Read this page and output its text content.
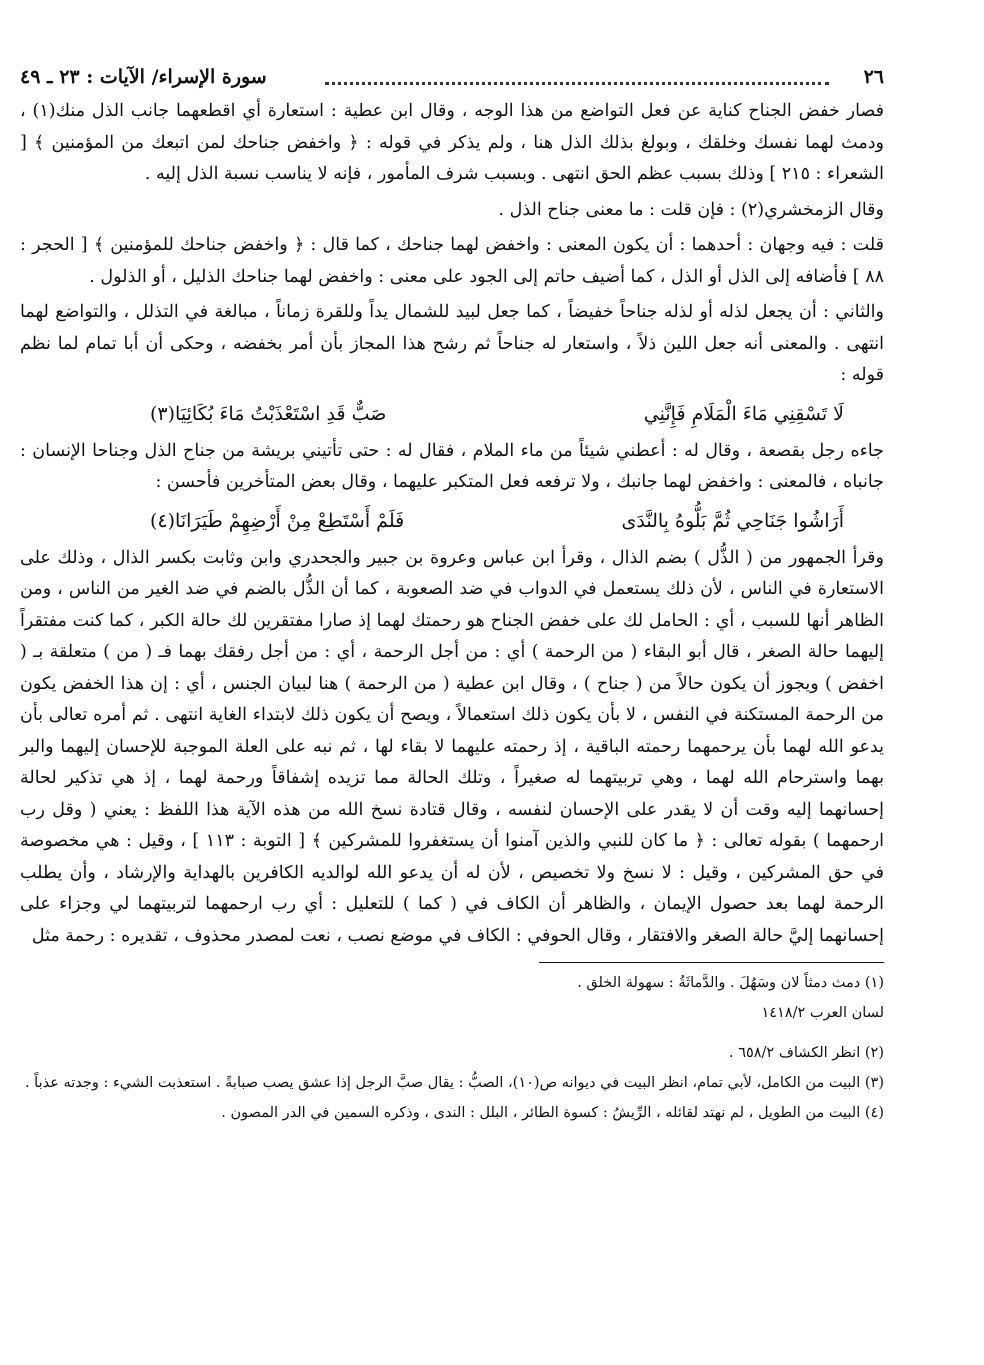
٢٦
سورة الإسراء/ الآيات : ٢٣ ـ ٤٩

فصار خفض الجناح كناية عن فعل التواضع من هذا الوجه ، وقال ابن عطية : استعارة أي اقطعهما جانب الذل منك(١) ، ودمث لهما نفسك وخلقك ، وبولغ بذلك الذل هنا ، ولم يذكر في قوله : ﴿ واخفض جناحك لمن اتبعك من المؤمنين ﴾ [ الشعراء : ٢١٥ ] وذلك بسبب عظم الحق انتهى . وبسبب شرف المأمور ، فإنه لا يناسب نسبة الذل إليه .

وقال الزمخشري(٢) : فإن قلت : ما معنى جناح الذل .

قلت : فيه وجهان : أحدهما : أن يكون المعنى : واخفض لهما جناحك ، كما قال : ﴿ واخفض جناحك للمؤمنين ﴾ [ الحجر : ٨٨ ] فأضافه إلى الذل أو الذل ، كما أضيف حاتم إلى الجود على معنى : واخفض لهما جناحك الذليل ، أو الذلول .

والثاني : أن يجعل لذله أو لذله جناحاً خفيضاً ، كما جعل لبيد للشمال يداً وللقرة زماناً ، مبالغة في التذلل ، والتواضع لهما انتهى . والمعنى أنه جعل اللين ذلاً ، واستعار له جناحاً ثم رشح هذا المجاز بأن أمر بخفضه ، وحكى أن أبا تمام لما نظم قوله :

لَا تَسْقِنِي مَاءَ الْمَلَامِ فَإِنَّنِي
صَبٌّ قَدِ اسْتَعْذَبْتُ مَاءَ بُكَائِيَا(٣)

جاءه رجل بقصعة ، وقال له : أعطني شيئاً من ماء الملام ، فقال له : حتى تأتيني بريشة من جناح الذل وجناحا الإنسان : جانباه ، فالمعنى : واخفض لهما جانبك ، ولا ترفعه فعل المتكبر عليهما ، وقال بعض المتأخرين فأحسن :

أَرَاشُوا جَنَاحِي ثُمَّ بَلُّوهُ بِالنَّدَى
فَلَمْ أَسْتَطِعْ مِنْ أَرْضِهِمْ طَيَرَانَا(٤)

وقرأ الجمهور من ( الذُّل ) بضم الذال ، وقرأ ابن عباس وعروة بن جبير والجحدري وابن وثابت بكسر الذال ، وذلك على الاستعارة في الناس ، لأن ذلك يستعمل في الدواب في ضد الصعوبة ، كما أن الذُّل بالضم في ضد الغير من الناس ، ومن الظاهر أنها للسبب ، أي : الحامل لك على خفض الجناح هو رحمتك لهما إذ صارا مفتقرين لك حالة الكبر ، كما كنت مفتقراً إليهما حالة الصغر ، قال أبو البقاء ( من الرحمة ) أي : من أجل الرحمة ، أي : من أجل رفقك بهما فـ ( من ) متعلقة بـ ( اخفض ) ويجوز أن يكون حالاً من ( جناح ) ، وقال ابن عطية ( من الرحمة ) هنا لبيان الجنس ، أي : إن هذا الخفض يكون من الرحمة المستكنة في النفس ، لا بأن يكون ذلك استعمالاً ، ويصح أن يكون ذلك لابتداء الغاية انتهى . ثم أمره تعالى بأن يدعو الله لهما بأن يرحمهما رحمته الباقية ، إذ رحمته عليهما لا بقاء لها ، ثم نبه على العلة الموجبة للإحسان إليهما والبر بهما واسترحام الله لهما ، وهي تربيتهما له صغيراً ، وتلك الحالة مما تزيده إشفاقاً ورحمة لهما ، إذ هي تذكير لحالة إحسانهما إليه وقت أن لا يقدر على الإحسان لنفسه ، وقال قتادة نسخ الله من هذه الآية هذا اللفظ : يعني ( وقل رب ارحمهما ) بقوله تعالى : ﴿ ما كان للنبي والذين آمنوا أن يستغفروا للمشركين ﴾ [ التوبة : ١١٣ ] ، وقيل : هي مخصوصة في حق المشركين ، وقيل : لا نسخ ولا تخصيص ، لأن له أن يدعو الله لوالديه الكافرين بالهداية والإرشاد ، وأن يطلب الرحمة لهما بعد حصول الإيمان ، والظاهر أن الكاف في ( كما ) للتعليل : أي رب ارحمهما لتربيتهما لي وجزاء على إحسانهما إليَّ حالة الصغر والافتقار ، وقال الحوفي : الكاف في موضع نصب ، نعت لمصدر محذوف ، تقديره : رحمة مثل

(١) دمث دمثاً لان وسَهُلَ . والدَّماثَةُ : سهولة الخلق .

لسان العرب ١٤١٨/٢

(٢) انظر الكشاف ٦٥٨/٢ .

(٣) البيت من الكامل، لأبي تمام، انظر البيت في ديوانه ص(١٠)، الصبُّ : يقال صبَّ الرجل إذا عشق يصب صبابةً . استعذبت الشيء : وجدته عذباً .

(٤) البيت من الطويل ، لم نهتد لقائله ، الرِّيشُ : كسوة الطائر ، البلل : الندى ، وذكره السمين في الدر المصون .
